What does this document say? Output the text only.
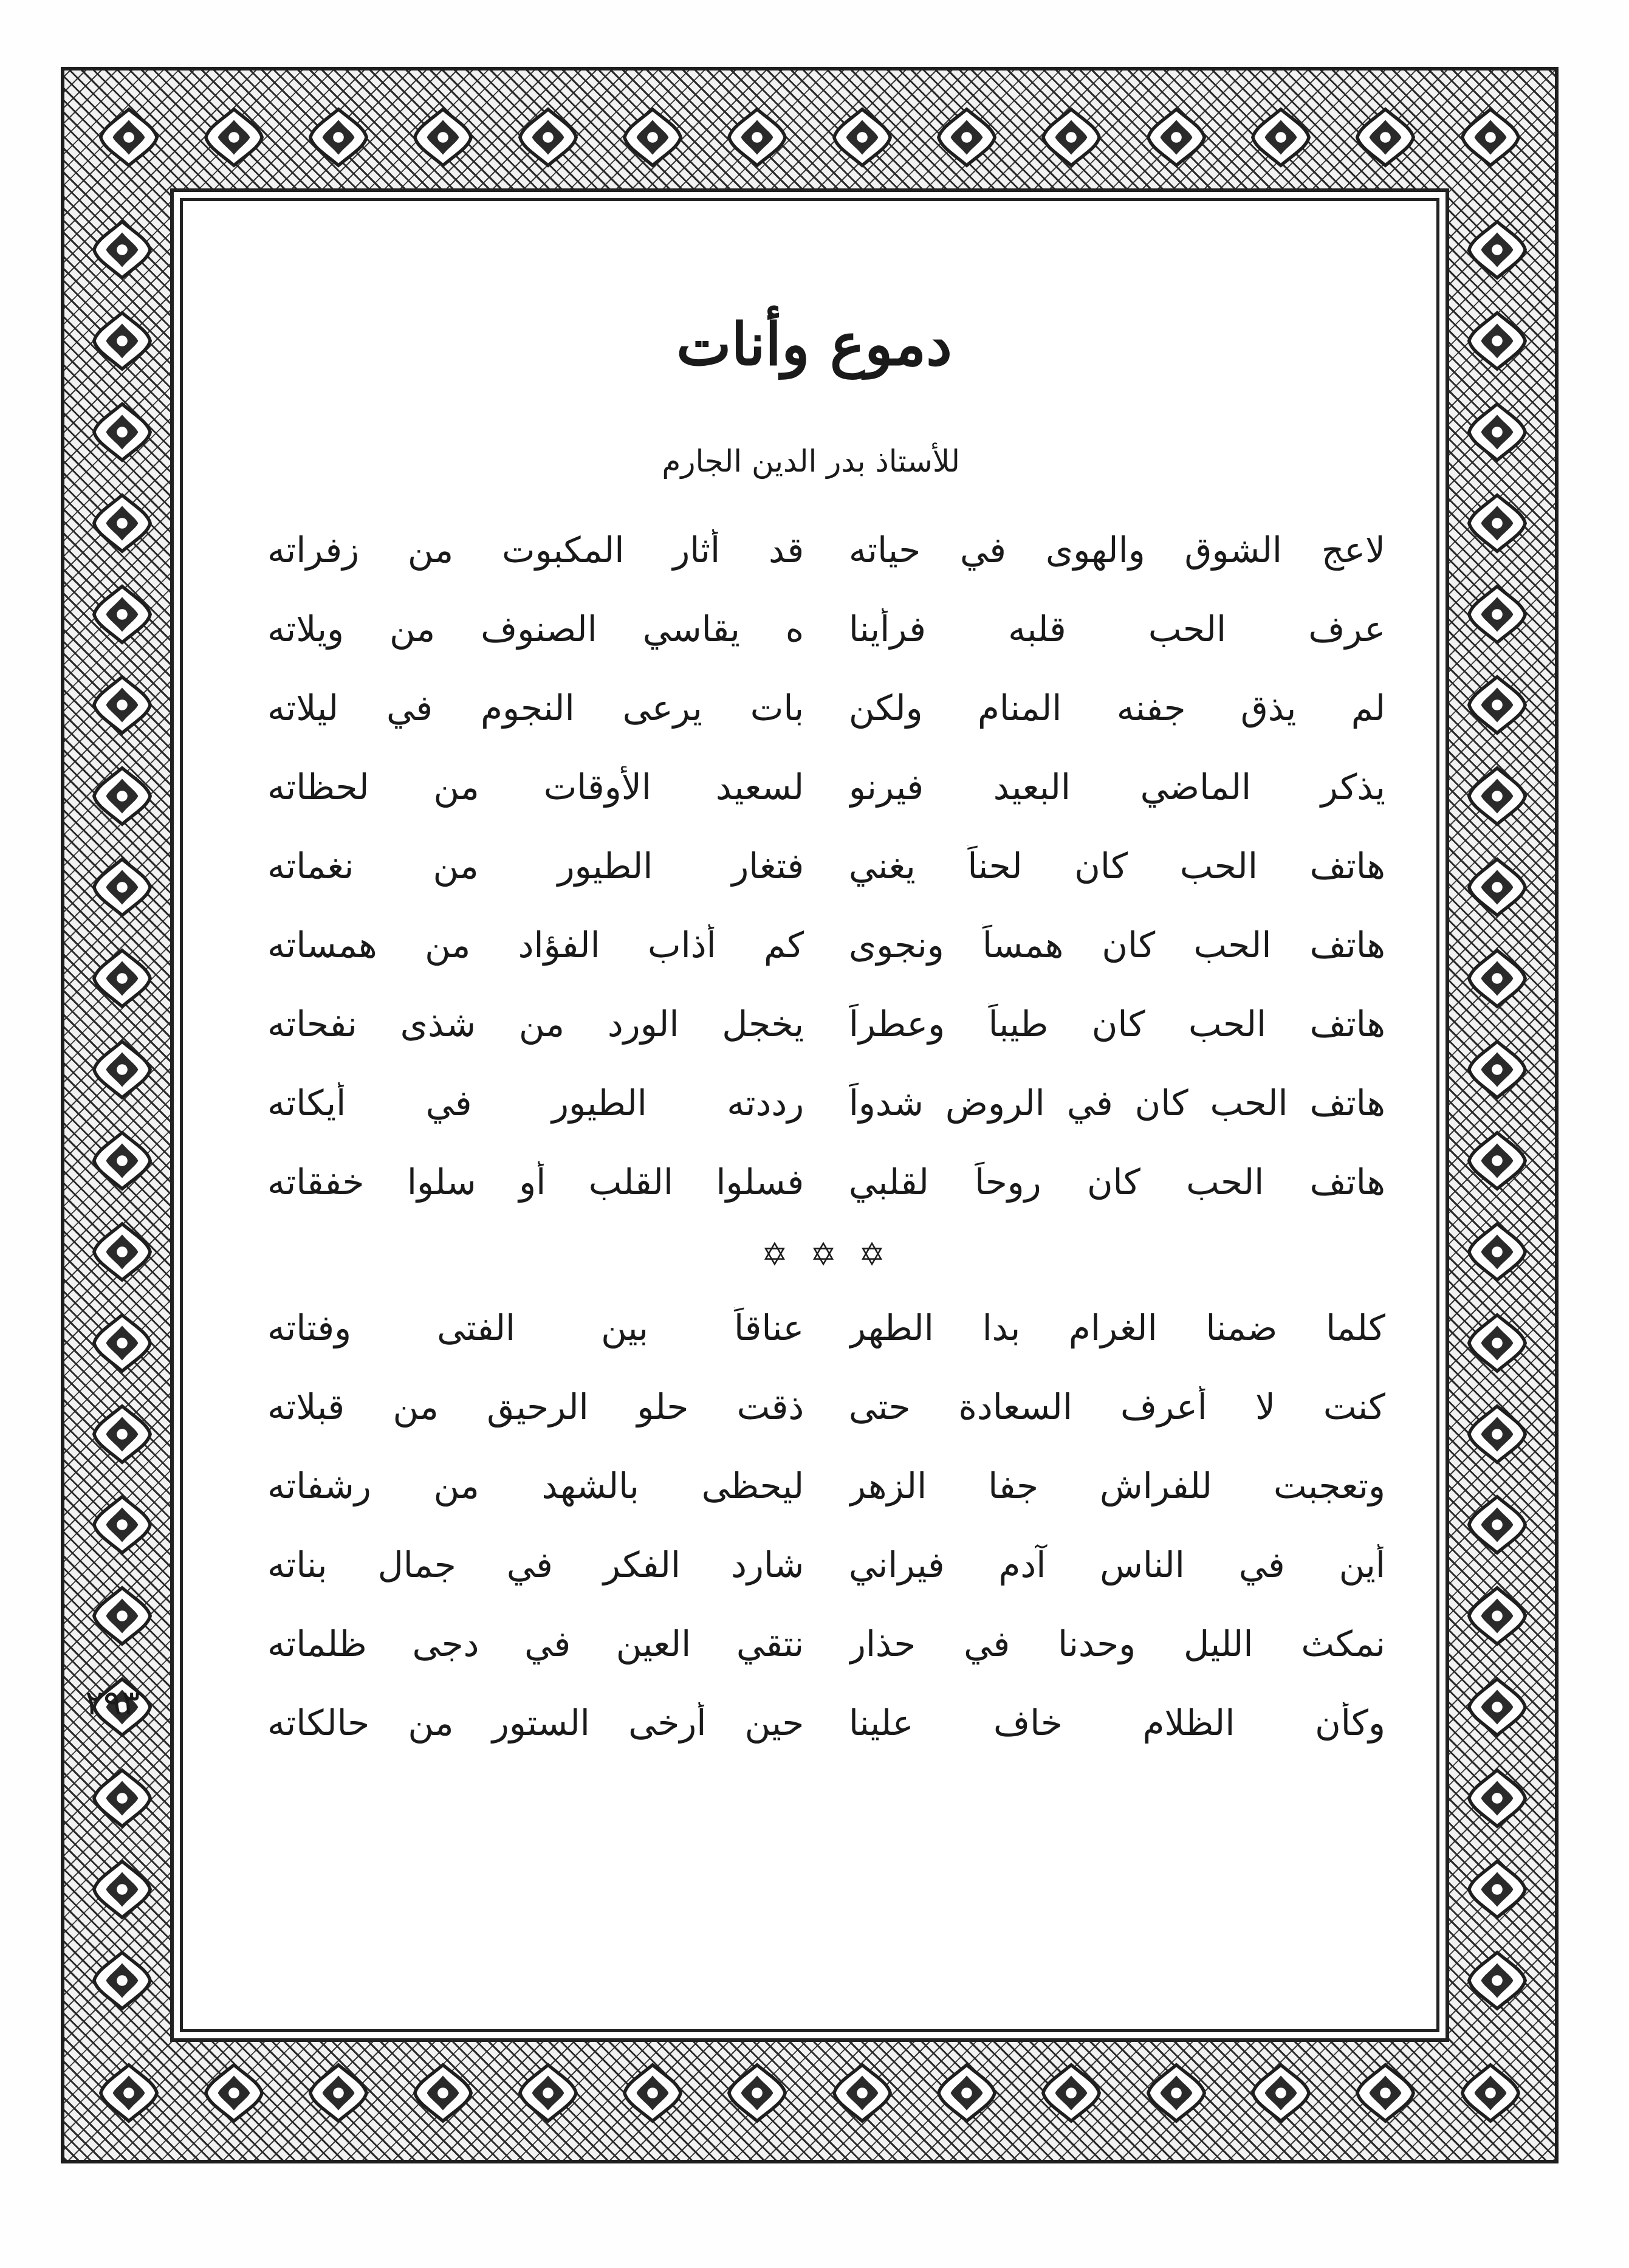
دموع وأنات
للأستاذ بدر الدين الجارم
لاعج الشوق والهوى في حياته
قد أثار المكبوت من زفراته
عرف الحب قلبه فرأينا
ه يقاسي الصنوف من ويلاته
لم يذق جفنه المنام ولكن
بات يرعى النجوم في ليلاته
يذكر الماضي البعيد فيرنو
لسعيد الأوقات من لحظاته
هاتف الحب كان لحناً يغني
فتغار الطيور من نغماته
هاتف الحب كان همساً ونجوى
كم أذاب الفؤاد من همساته
هاتف الحب كان طيباً وعطراً
يخجل الورد من شذى نفحاته
هاتف الحب كان في الروض شدواً
رددته الطيور في أيكاته
هاتف الحب كان روحاً لقلبي
فسلوا القلب أو سلوا خفقاته
✡ ✡ ✡
كلما ضمنا الغرام بدا الطهر
عناقاً بين الفتى وفتاته
كنت لا أعرف السعادة حتى
ذقت حلو الرحيق من قبلاته
وتعجبت للفراش جفا الزهر
ليحظى بالشهد من رشفاته
أين في الناس آدم فيراني
شارد الفكر في جمال بناته
نمكث الليل وحدنا في حذار
نتقي العين في دجى ظلماته
وكأن الظلام خاف علينا
حين أرخى الستور من حالكاته
٢٩٣
